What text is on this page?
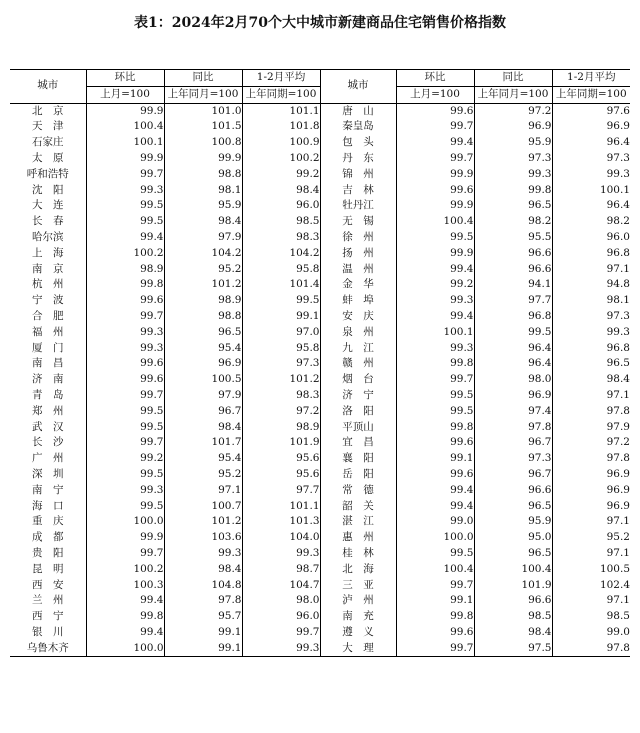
表1：2024年2月70个大中城市新建商品住宅销售价格指数
城市	环比	同比	1-2月平均	城市	环比	同比	1-2月平均
	上月=100	上年同月=100	上年同期=100		上月=100	上年同月=100	上年同期=100
北　京	99.9	101.0	101.1	唐　山	99.6	97.2	97.6
天　津	100.4	101.5	101.8	秦皇岛	99.7	96.9	96.9
石家庄	100.1	100.8	100.9	包　头	99.4	95.9	96.4
太　原	99.9	99.9	100.2	丹　东	99.7	97.3	97.3
呼和浩特	99.7	98.8	99.2	锦　州	99.9	99.3	99.3
沈　阳	99.3	98.1	98.4	吉　林	99.6	99.8	100.1
大　连	99.5	95.9	96.0	牡丹江	99.9	96.5	96.4
长　春	99.5	98.4	98.5	无　锡	100.4	98.2	98.2
哈尔滨	99.4	97.9	98.3	徐　州	99.5	95.5	96.0
上　海	100.2	104.2	104.2	扬　州	99.9	96.6	96.8
南　京	98.9	95.2	95.8	温　州	99.4	96.6	97.1
杭　州	99.8	101.2	101.4	金　华	99.2	94.1	94.8
宁　波	99.6	98.9	99.5	蚌　埠	99.3	97.7	98.1
合　肥	99.7	98.8	99.1	安　庆	99.4	96.8	97.3
福　州	99.3	96.5	97.0	泉　州	100.1	99.5	99.3
厦　门	99.3	95.4	95.8	九　江	99.3	96.4	96.8
南　昌	99.6	96.9	97.3	赣　州	99.8	96.4	96.5
济　南	99.6	100.5	101.2	烟　台	99.7	98.0	98.4
青　岛	99.7	97.9	98.3	济　宁	99.5	96.9	97.1
郑　州	99.5	96.7	97.2	洛　阳	99.5	97.4	97.8
武　汉	99.5	98.4	98.9	平顶山	99.8	97.8	97.9
长　沙	99.7	101.7	101.9	宜　昌	99.6	96.7	97.2
广　州	99.2	95.4	95.6	襄　阳	99.1	97.3	97.8
深　圳	99.5	95.2	95.6	岳　阳	99.6	96.7	96.9
南　宁	99.3	97.1	97.7	常　德	99.4	96.6	96.9
海　口	99.5	100.7	101.1	韶　关	99.4	96.5	96.9
重　庆	100.0	101.2	101.3	湛　江	99.0	95.9	97.1
成　都	99.9	103.6	104.0	惠　州	100.0	95.0	95.2
贵　阳	99.7	99.3	99.3	桂　林	99.5	96.5	97.1
昆　明	100.2	98.4	98.7	北　海	100.4	100.4	100.5
西　安	100.3	104.8	104.7	三　亚	99.7	101.9	102.4
兰　州	99.4	97.8	98.0	泸　州	99.1	96.6	97.1
西　宁	99.8	95.7	96.0	南　充	99.8	98.5	98.5
银　川	99.4	99.1	99.7	遵　义	99.6	98.4	99.0
乌鲁木齐	100.0	99.1	99.3	大　理	99.7	97.5	97.8
